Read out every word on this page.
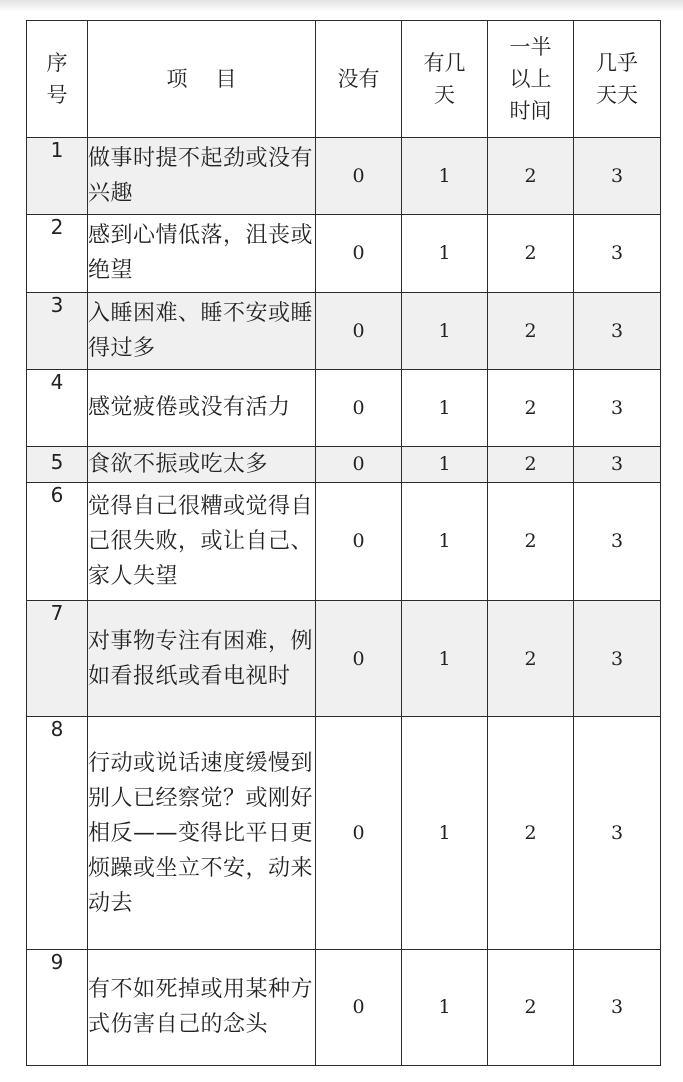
序号	项 目	没有	有几天	一半以上时间	几乎天天

1	做事时提不起劲或没有兴趣	0	1	2	3
2	感到心情低落，沮丧或绝望	0	1	2	3
3	入睡困难、睡不安或睡得过多	0	1	2	3
4	感觉疲倦或没有活力	0	1	2	3
5	食欲不振或吃太多	0	1	2	3
6	觉得自己很糟或觉得自己很失败，或让自己、家人失望	0	1	2	3
7	对事物专注有困难，例如看报纸或看电视时	0	1	2	3
8	行动或说话速度缓慢到别人已经察觉？或刚好相反——变得比平日更烦躁或坐立不安，动来动去	0	1	2	3
9	有不如死掉或用某种方式伤害自己的念头	0	1	2	3
